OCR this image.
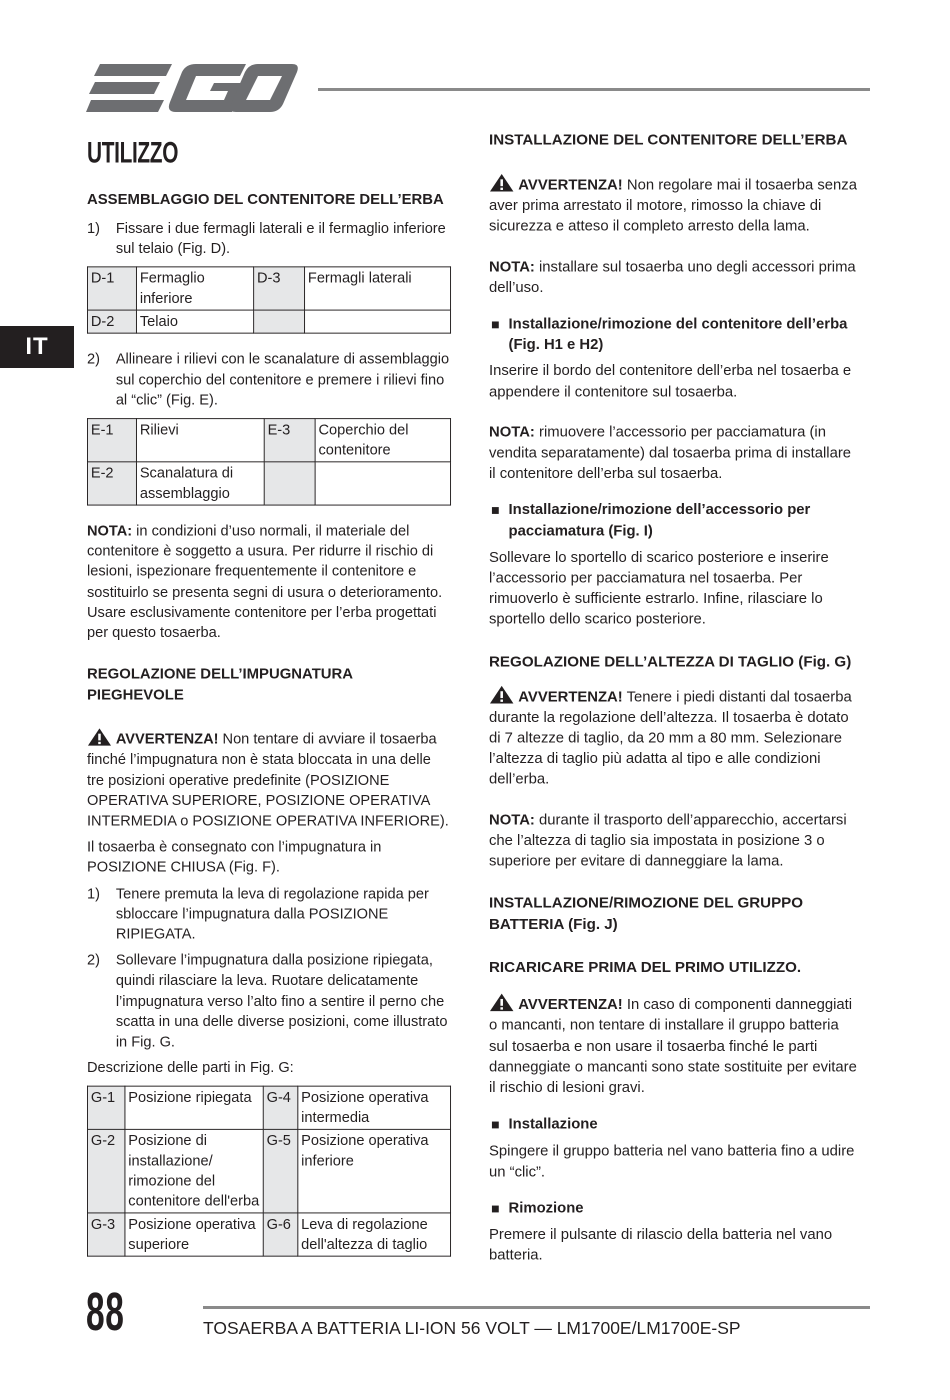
IT
UTILIZZO
ASSEMBLAGGIO DEL CONTENITORE DELL’ERBA
1)	Fissare i due fermagli laterali e il fermaglio inferiore sul telaio (Fig. D).
D-1	Fermaglio inferiore	D-3	Fermagli laterali
D-2	Telaio		
2)	Allineare i rilievi con le scanalature di assemblaggio sul coperchio del contenitore e premere i rilievi fino al “clic” (Fig. E).
E-1	Rilievi	E-3	Coperchio del contenitore
E-2	Scanalatura di assemblaggio		

NOTA: in condizioni d’uso normali, il materiale del contenitore è soggetto a usura. Per ridurre il rischio di lesioni, ispezionare frequentemente il contenitore e sostituirlo se presenta segni di usura o deterioramento. Usare esclusivamente contenitore per l’erba progettati per questo tosaerba.

REGOLAZIONE DELL’IMPUGNATURA PIEGHEVOLE

AVVERTENZA! Non tentare di avviare il tosaerba finché l’impugnatura non è stata bloccata in una delle tre posizioni operative predefinite (POSIZIONE OPERATIVA SUPERIORE, POSIZIONE OPERATIVA INTERMEDIA o POSIZIONE OPERATIVA INFERIORE).

Il tosaerba è consegnato con l’impugnatura in POSIZIONE CHIUSA (Fig. F).

1)	Tenere premuta la leva di regolazione rapida per sbloccare l’impugnatura dalla POSIZIONE RIPIEGATA.
2)	Sollevare l’impugnatura dalla posizione ripiegata, quindi rilasciare la leva. Ruotare delicatamente l’impugnatura verso l’alto fino a sentire il perno che scatta in una delle diverse posizioni, come illustrato in Fig. G.

Descrizione delle parti in Fig. G:

G-1	Posizione ripiegata	G-4	Posizione operativa intermedia
G-2	Posizione di installazione/ rimozione del contenitore dell'erba	G-5	Posizione operativa inferiore
G-3	Posizione operativa superiore	G-6	Leva di regolazione dell'altezza di taglio
INSTALLAZIONE DEL CONTENITORE DELL’ERBA

AVVERTENZA! Non regolare mai il tosaerba senza aver prima arrestato il motore, rimosso la chiave di sicurezza e atteso il completo arresto della lama.

NOTA: installare sul tosaerba uno degli accessori prima dell’uso.

Installazione/rimozione del contenitore dell’erba (Fig. H1 e H2)

Inserire il bordo del contenitore dell’erba nel tosaerba e appendere il contenitore sul tosaerba.

NOTA: rimuovere l’accessorio per pacciamatura (in vendita separatamente) dal tosaerba prima di installare il contenitore dell’erba sul tosaerba.

Installazione/rimozione dell’accessorio per pacciamatura (Fig. I)

Sollevare lo sportello di scarico posteriore e inserire l’accessorio per pacciamatura nel tosaerba. Per rimuoverlo è sufficiente estrarlo. Infine, rilasciare lo sportello dello scarico posteriore.

REGOLAZIONE DELL’ALTEZZA DI TAGLIO (Fig. G)

AVVERTENZA! Tenere i piedi distanti dal tosaerba durante la regolazione dell’altezza. Il tosaerba è dotato di 7 altezze di taglio, da 20 mm a 80 mm. Selezionare l’altezza di taglio più adatta al tipo e alle condizioni dell’erba.

NOTA: durante il trasporto dell’apparecchio, accertarsi che l’altezza di taglio sia impostata in posizione 3 o superiore per evitare di danneggiare la lama.

INSTALLAZIONE/RIMOZIONE DEL GRUPPO BATTERIA (Fig. J)
RICARICARE PRIMA DEL PRIMO UTILIZZO.

AVVERTENZA! In caso di componenti danneggiati o mancanti, non tentare di installare il gruppo batteria sul tosaerba e non usare il tosaerba finché le parti danneggiate o mancanti sono state sostituite per evitare il rischio di lesioni gravi.

Installazione

Spingere il gruppo batteria nel vano batteria fino a udire un “clic”.

Rimozione

Premere il pulsante di rilascio della batteria nel vano batteria.

88	TOSAERBA A BATTERIA LI-ION 56 VOLT — LM1700E/LM1700E-SP
